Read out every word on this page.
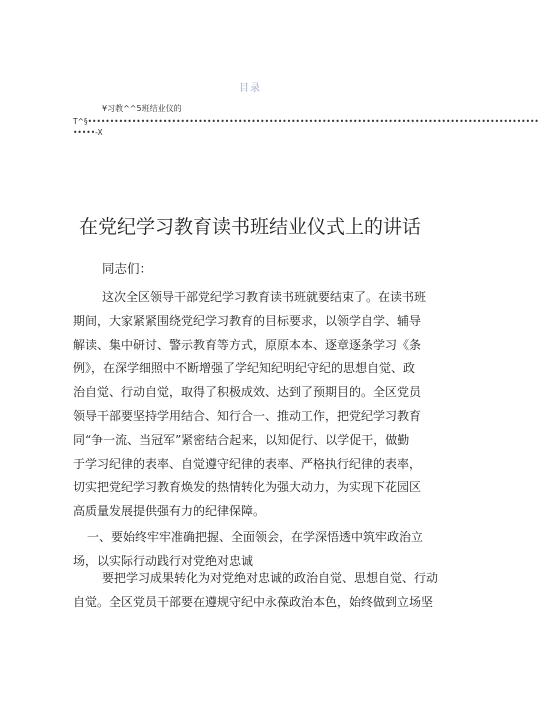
目录
¥习教^^5班结业仪的
T^§••••••••••••••••••••••••••••••••••••••••••••••••••••••••••••••••••••••••••••••••••••••••••••••••••••••
•••••-X
在党纪学习教育读书班结业仪式上的讲话
同志们：
这次全区领导干部党纪学习教育读书班就要结束了。在读书班
期间，大家紧紧围绕党纪学习教育的目标要求，以领学自学、辅导
解读、集中研讨、警示教育等方式，原原本本、逐章逐条学习《条
例》，在深学细照中不断增强了学纪知纪明纪守纪的思想自觉、政
治自觉、行动自觉，取得了积极成效、达到了预期目的。全区党员
领导干部要坚持学用结合、知行合一、推动工作，把党纪学习教育
同“争一流、当冠军”紧密结合起来，以知促行、以学促干，做勤
于学习纪律的表率、自觉遵守纪律的表率、严格执行纪律的表率，
切实把党纪学习教育焕发的热情转化为强大动力，为实现下花园区
高质量发展提供强有力的纪律保障。
一、要始终牢牢准确把握、全面领会，在学深悟透中筑牢政治立
场，以实际行动践行对党绝对忠诚
要把学习成果转化为对党绝对忠诚的政治自觉、思想自觉、行动
自觉。全区党员干部要在遵规守纪中永葆政治本色，始终做到立场坚
